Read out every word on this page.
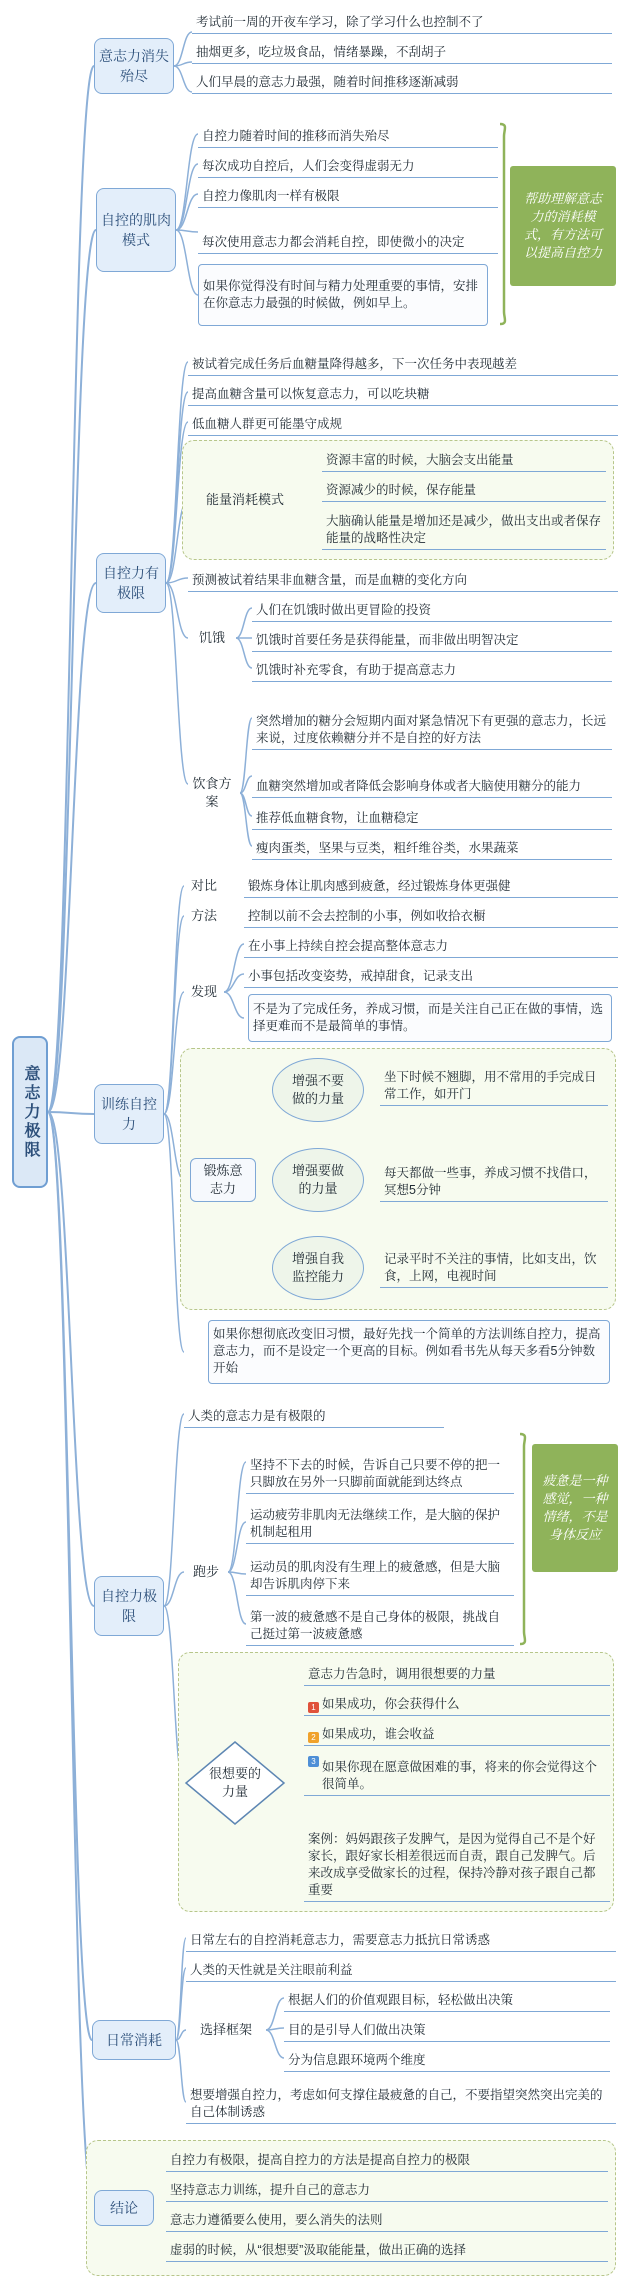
意志力极限
意志力消失殆尽
考试前一周的开夜车学习，除了学习什么也控制不了
抽烟更多，吃垃圾食品，情绪暴躁，不刮胡子
人们早晨的意志力最强，随着时间推移逐渐减弱
自控的肌肉模式
自控力随着时间的推移而消失殆尽
每次成功自控后，人们会变得虚弱无力
自控力像肌肉一样有极限
每次使用意志力都会消耗自控，即使微小的决定
如果你觉得没有时间与精力处理重要的事情，安排在你意志力最强的时候做，例如早上。
帮助理解意志力的消耗模式，有方法可以提高自控力
自控力有极限
被试着完成任务后血糖量降得越多，下一次任务中表现越差
提高血糖含量可以恢复意志力，可以吃块糖
低血糖人群更可能墨守成规
能量消耗模式
资源丰富的时候，大脑会支出能量
资源减少的时候，保存能量
大脑确认能量是增加还是减少，做出支出或者保存能量的战略性决定
预测被试着结果非血糖含量，而是血糖的变化方向
饥饿
人们在饥饿时做出更冒险的投资
饥饿时首要任务是获得能量，而非做出明智决定
饥饿时补充零食，有助于提高意志力
饮食方案
突然增加的糖分会短期内面对紧急情况下有更强的意志力，长远来说，过度依赖糖分并不是自控的好方法
血糖突然增加或者降低会影响身体或者大脑使用糖分的能力
推荐低血糖食物，让血糖稳定
瘦肉蛋类，坚果与豆类，粗纤维谷类，水果蔬菜
训练自控力
对比	锻炼身体让肌肉感到疲惫，经过锻炼身体更强健
方法	控制以前不会去控制的小事，例如收拾衣橱
发现
在小事上持续自控会提高整体意志力
小事包括改变姿势，戒掉甜食，记录支出
不是为了完成任务，养成习惯，而是关注自己正在做的事情，选择更难而不是最简单的事情。
锻炼意志力
增强不要做的力量
坐下时候不翘脚，用不常用的手完成日常工作，如开门
增强要做的力量
每天都做一些事，养成习惯不找借口，冥想5分钟
增强自我监控能力
记录平时不关注的事情，比如支出，饮食，上网，电视时间
如果你想彻底改变旧习惯，最好先找一个简单的方法训练自控力，提高意志力，而不是设定一个更高的目标。例如看书先从每天多看5分钟数开始
自控力极限
人类的意志力是有极限的
跑步
坚持不下去的时候，告诉自己只要不停的把一只脚放在另外一只脚前面就能到达终点
运动疲劳非肌肉无法继续工作，是大脑的保护机制起租用
运动员的肌肉没有生理上的疲惫感，但是大脑却告诉肌肉停下来
第一波的疲惫感不是自己身体的极限，挑战自己挺过第一波疲惫感
疲惫是一种感觉，一种情绪，不是身体反应
很想要的力量
意志力告急时，调用很想要的力量
1 如果成功，你会获得什么
2 如果成功，谁会收益
3 如果你现在愿意做困难的事，将来的你会觉得这个很简单。
案例：妈妈跟孩子发脾气，是因为觉得自己不是个好家长，跟好家长相差很远而自责，跟自己发脾气。后来改成享受做家长的过程，保持冷静对孩子跟自己都重要
日常消耗
日常左右的自控消耗意志力，需要意志力抵抗日常诱惑
人类的天性就是关注眼前利益
选择框架
根据人们的价值观跟目标，轻松做出决策
目的是引导人们做出决策
分为信息跟环境两个维度
想要增强自控力，考虑如何支撑住最疲惫的自己，不要指望突然突出完美的自己体制诱惑
结论
自控力有极限，提高自控力的方法是提高自控力的极限
坚持意志力训练，提升自己的意志力
意志力遵循要么使用，要么消失的法则
虚弱的时候，从“很想要”汲取能能量，做出正确的选择
